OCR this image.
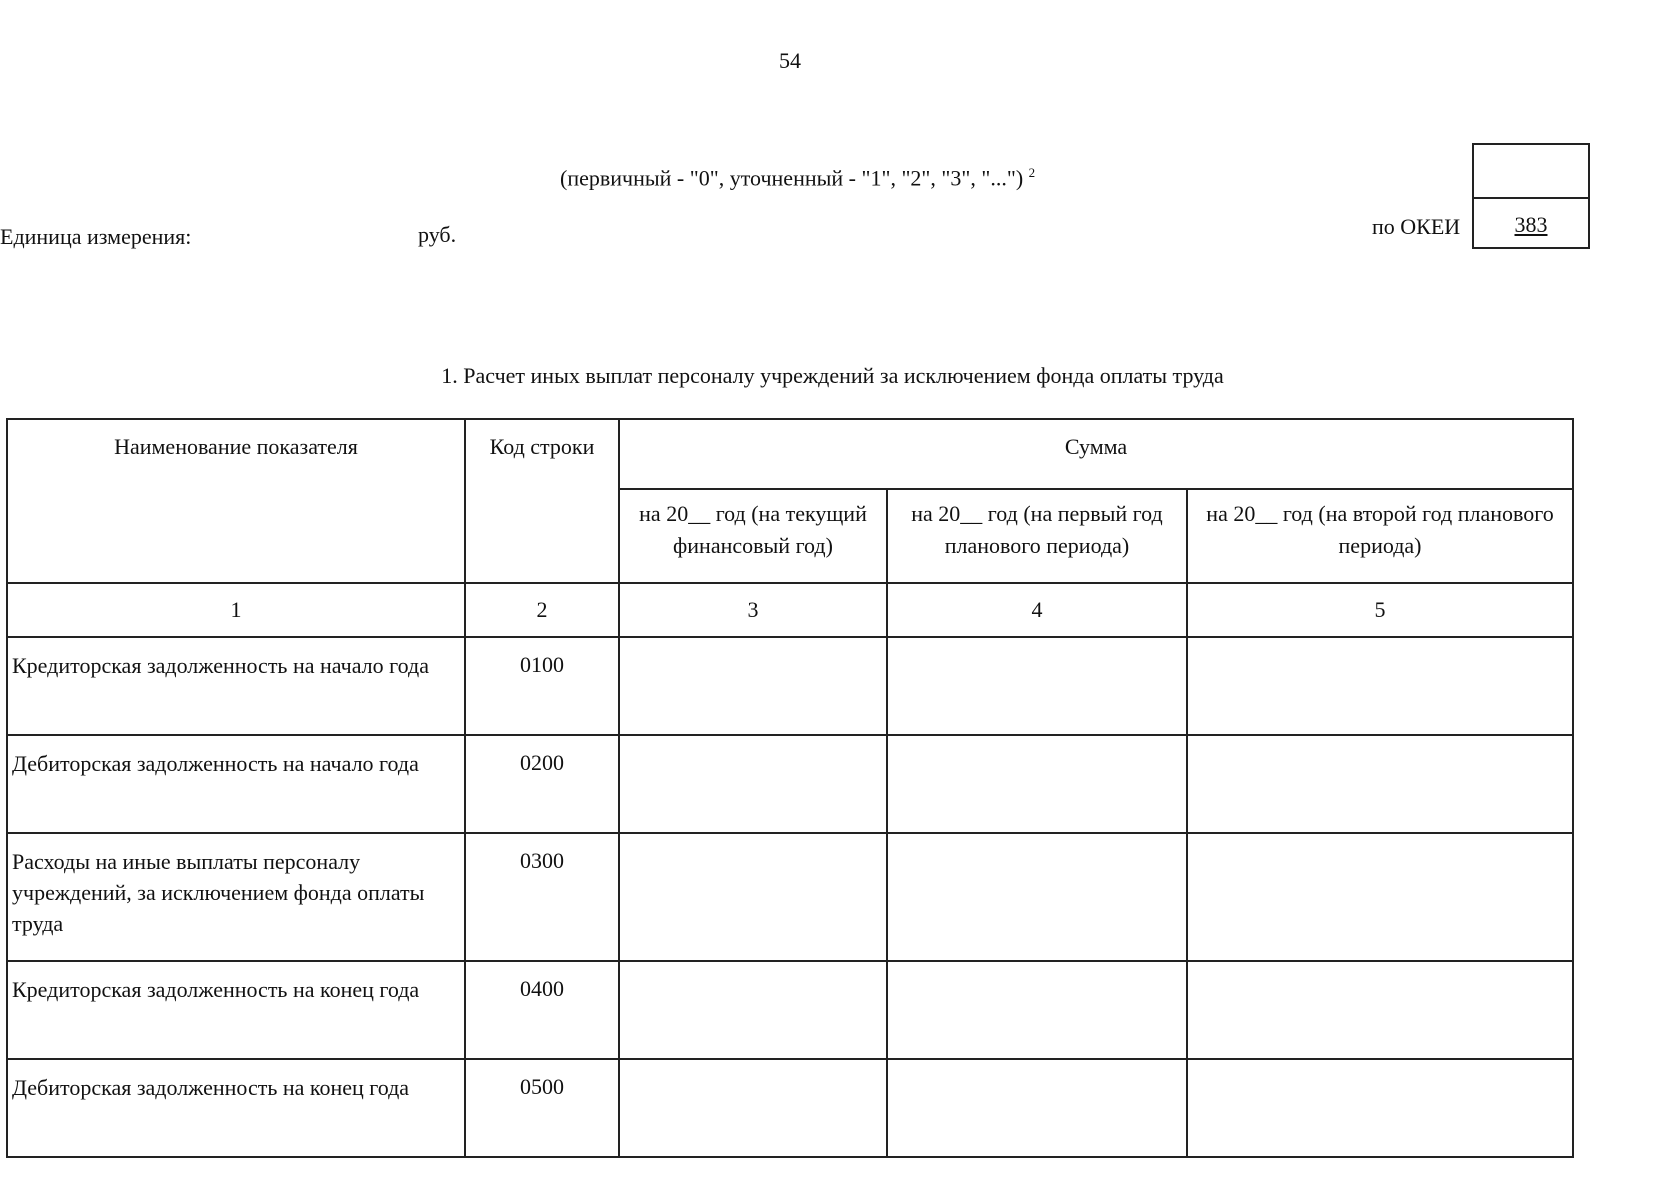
54
(первичный - "0", уточненный - "1", "2", "3", "...") $^2$
Единица измерения:	руб.	по ОКЕИ	383
1. Расчет иных выплат персоналу учреждений за исключением фонда оплаты труда
Наименование показателя	Код строки	Сумма		
		на 20__ год (на текущий финансовый год)	на 20__ год (на первый год планового периода)	на 20__ год (на второй год планового периода)
1	2	3	4	5
Кредиторская задолженность на начало года	0100			
Дебиторская задолженность на начало года	0200			
Расходы на иные выплаты персоналу учреждений, за исключением фонда оплаты труда	0300			
Кредиторская задолженность на конец года	0400			
Дебиторская задолженность на конец года	0500			
